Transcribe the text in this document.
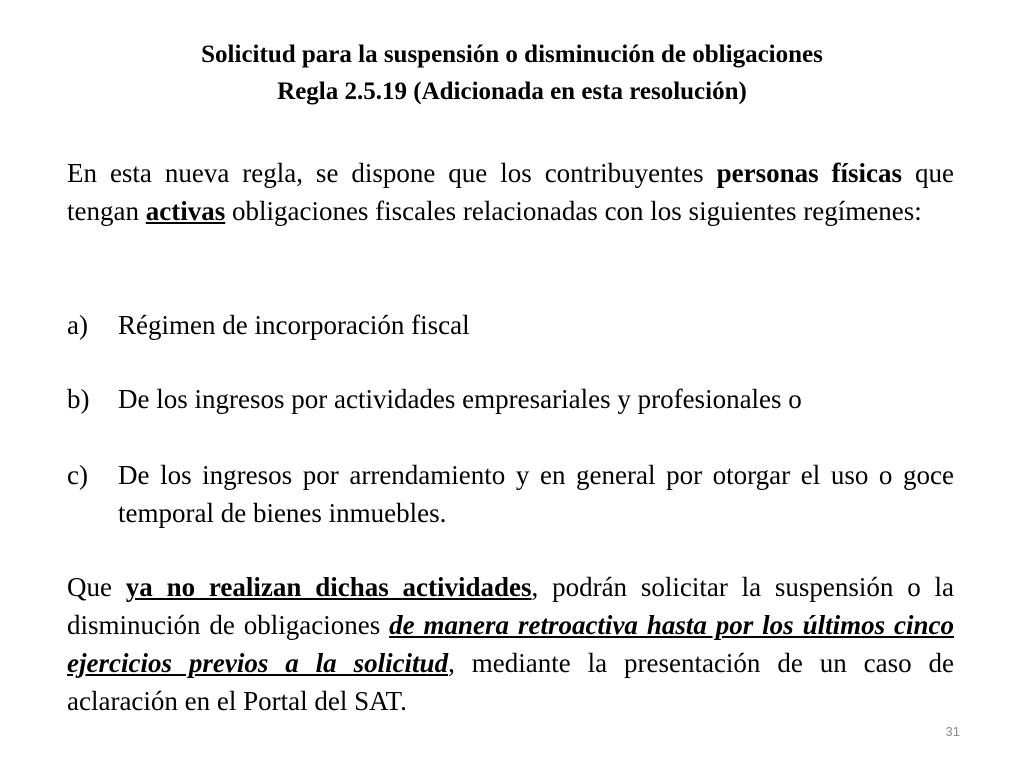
Solicitud para la suspensión o disminución de obligaciones
Regla 2.5.19 (Adicionada en esta resolución)

En esta nueva regla, se dispone que los contribuyentes personas físicas que tengan activas obligaciones fiscales relacionadas con los siguientes regímenes:

a)	Régimen de incorporación fiscal
b)	De los ingresos por actividades empresariales y profesionales o
c)	De los ingresos por arrendamiento y en general por otorgar el uso o goce temporal de bienes inmuebles.

Que ya no realizan dichas actividades, podrán solicitar la suspensión o la disminución de obligaciones de manera retroactiva hasta por los últimos cinco ejercicios previos a la solicitud, mediante la presentación de un caso de aclaración en el Portal del SAT.

31
